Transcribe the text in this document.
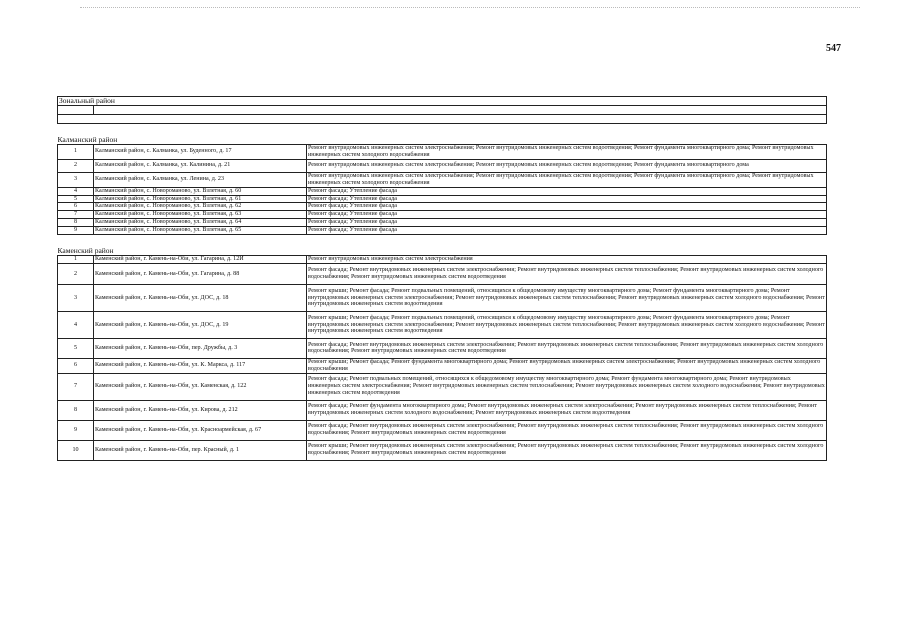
547
Зональный район		

Калманский район		
1	Калманский район, с. Калманка, ул. Буденного, д. 17	Ремонт внутридомовых инженерных систем электроснабжения; Ремонт внутридомовых инженерных систем водоотведения; Ремонт фундамента многоквартирного дома; Ремонт внутридомовых инженерных систем холодного водоснабжения
2	Калманский район, с. Калманка, ул. Калинина, д. 21	Ремонт внутридомовых инженерных систем электроснабжения; Ремонт внутридомовых инженерных систем водоотведения; Ремонт фундамента многоквартирного дома
3	Калманский район, с. Калманка, ул. Ленина, д. 23	Ремонт внутридомовых инженерных систем электроснабжения; Ремонт внутридомовых инженерных систем водоотведения; Ремонт фундамента многоквартирного дома; Ремонт внутридомовых инженерных систем холодного водоснабжения
4	Калманский район, с. Новороманово, ул. Взлетная, д. 60	Ремонт фасада; Утепление фасада
5	Калманский район, с. Новороманово, ул. Взлетная, д. 61	Ремонт фасада; Утепление фасада
6	Калманский район, с. Новороманово, ул. Взлетная, д. 62	Ремонт фасада; Утепление фасада
7	Калманский район, с. Новороманово, ул. Взлетная, д. 63	Ремонт фасада; Утепление фасада
8	Калманский район, с. Новороманово, ул. Взлетная, д. 64	Ремонт фасада; Утепление фасада
9	Калманский район, с. Новороманово, ул. Взлетная, д. 65	Ремонт фасада; Утепление фасада

Каменский район		
1	Каменский район, г. Камень-на-Оби, ул. Гагарина, д. 12И	Ремонт внутридомовых инженерных систем электроснабжения
2	Каменский район, г. Камень-на-Оби, ул. Гагарина, д. 88	Ремонт фасада; Ремонт внутридомовых инженерных систем электроснабжения; Ремонт внутридомовых инженерных систем теплоснабжения; Ремонт внутридомовых инженерных систем холодного водоснабжения; Ремонт внутридомовых инженерных систем водоотведения
3	Каменский район, г. Камень-на-Оби, ул. ДОС, д. 18	Ремонт крыши; Ремонт фасада; Ремонт подвальных помещений, относящихся к общедомовому имуществу многоквартирного дома; Ремонт фундамента многоквартирного дома; Ремонт внутридомовых инженерных систем электроснабжения; Ремонт внутридомовых инженерных систем теплоснабжения; Ремонт внутридомовых инженерных систем холодного водоснабжения; Ремонт внутридомовых инженерных систем водоотведения
4	Каменский район, г. Камень-на-Оби, ул. ДОС, д. 19	Ремонт крыши; Ремонт фасада; Ремонт подвальных помещений, относящихся к общедомовому имуществу многоквартирного дома; Ремонт фундамента многоквартирного дома; Ремонт внутридомовых инженерных систем электроснабжения; Ремонт внутридомовых инженерных систем теплоснабжения; Ремонт внутридомовых инженерных систем холодного водоснабжения; Ремонт внутридомовых инженерных систем водоотведения
5	Каменский район, г. Камень-на-Оби, пер. Дружбы, д. 3	Ремонт фасада; Ремонт внутридомовых инженерных систем электроснабжения; Ремонт внутридомовых инженерных систем теплоснабжения; Ремонт внутридомовых инженерных систем холодного водоснабжения; Ремонт внутридомовых инженерных систем водоотведения
6	Каменский район, г. Камень-на-Оби, ул. К. Маркса, д. 117	Ремонт крыши; Ремонт фасада; Ремонт фундамента многоквартирного дома; Ремонт внутридомовых инженерных систем электроснабжения; Ремонт внутридомовых инженерных систем холодного водоснабжения
7	Каменский район, г. Камень-на-Оби, ул. Каменская, д. 122	Ремонт фасада; Ремонт подвальных помещений, относящихся к общедомовому имуществу многоквартирного дома; Ремонт фундамента многоквартирного дома; Ремонт внутридомовых инженерных систем электроснабжения; Ремонт внутридомовых инженерных систем теплоснабжения; Ремонт внутридомовых инженерных систем холодного водоснабжения; Ремонт внутридомовых инженерных систем водоотведения
8	Каменский район, г. Камень-на-Оби, ул. Кирова, д. 212	Ремонт фасада; Ремонт фундамента многоквартирного дома; Ремонт внутридомовых инженерных систем электроснабжения; Ремонт внутридомовых инженерных систем теплоснабжения; Ремонт внутридомовых инженерных систем холодного водоснабжения; Ремонт внутридомовых инженерных систем водоотведения
9	Каменский район, г. Камень-на-Оби, ул. Красноармейская, д. 67	Ремонт фасада; Ремонт внутридомовых инженерных систем электроснабжения; Ремонт внутридомовых инженерных систем теплоснабжения; Ремонт внутридомовых инженерных систем холодного водоснабжения; Ремонт внутридомовых инженерных систем водоотведения
10	Каменский район, г. Камень-на-Оби, пер. Красный, д. 1	Ремонт крыши; Ремонт внутридомовых инженерных систем электроснабжения; Ремонт внутридомовых инженерных систем теплоснабжения; Ремонт внутридомовых инженерных систем холодного водоснабжения; Ремонт внутридомовых инженерных систем водоотведения
